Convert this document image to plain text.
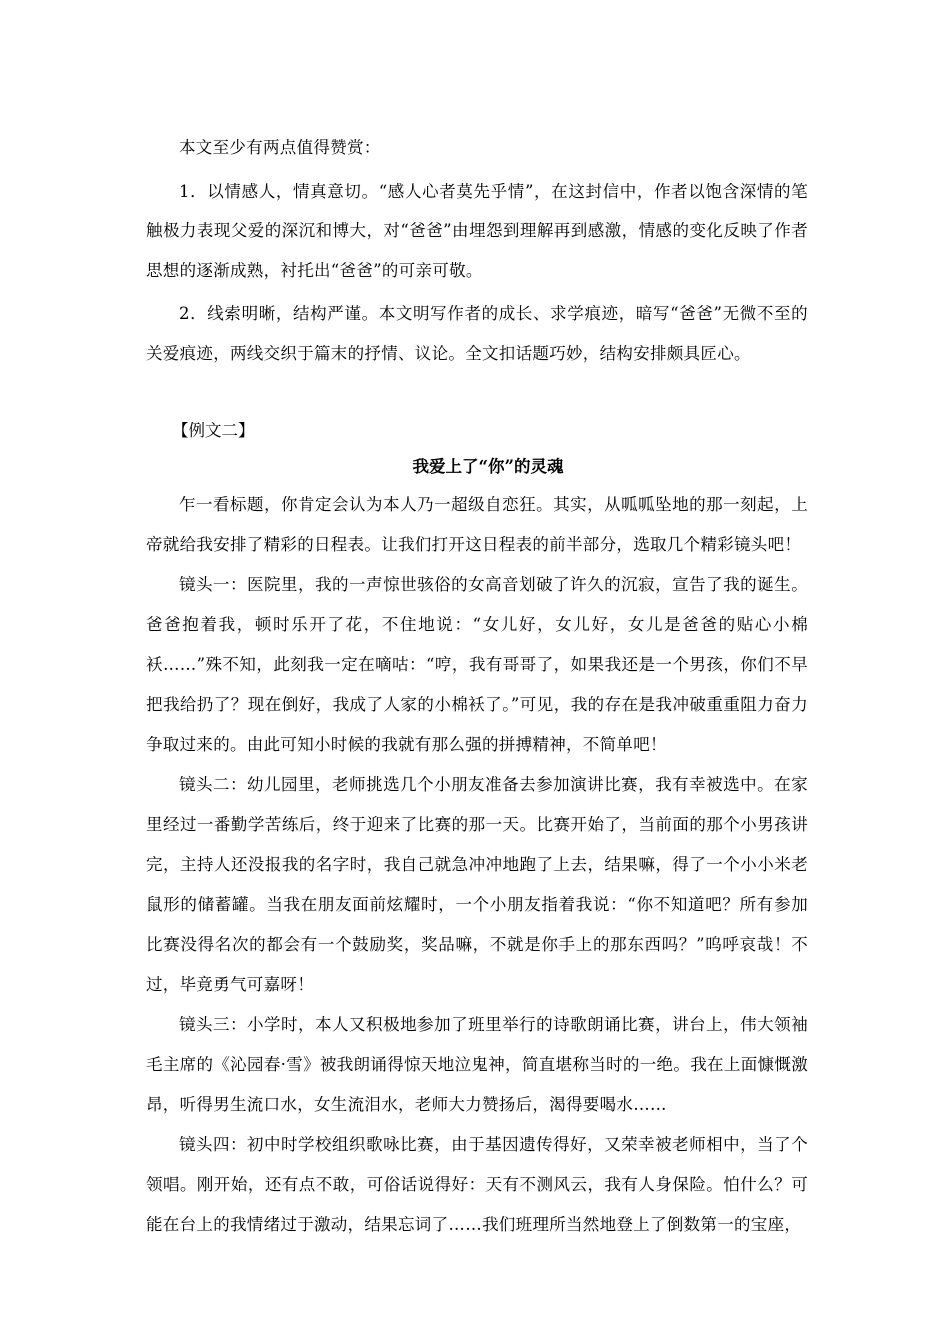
本文至少有两点值得赞赏：

1．以情感人，情真意切。“感人心者莫先乎情”，在这封信中，作者以饱含深情的笔触极力表现父爱的深沉和博大，对“爸爸”由埋怨到理解再到感激，情感的变化反映了作者思想的逐渐成熟，衬托出“爸爸”的可亲可敬。

2．线索明晰，结构严谨。本文明写作者的成长、求学痕迹，暗写“爸爸”无微不至的关爱痕迹，两线交织于篇末的抒情、议论。全文扣话题巧妙，结构安排颇具匠心。

【例文二】

我爱上了“你”的灵魂

乍一看标题，你肯定会认为本人乃一超级自恋狂。其实，从呱呱坠地的那一刻起，上帝就给我安排了精彩的日程表。让我们打开这日程表的前半部分，选取几个精彩镜头吧！

镜头一：医院里，我的一声惊世骇俗的女高音划破了许久的沉寂，宣告了我的诞生。爸爸抱着我，顿时乐开了花，不住地说：“女儿好，女儿好，女儿是爸爸的贴心小棉袄……”殊不知，此刻我一定在嘀咕：“哼，我有哥哥了，如果我还是一个男孩，你们不早把我给扔了？现在倒好，我成了人家的小棉袄了。”可见，我的存在是我冲破重重阻力奋力争取过来的。由此可知小时候的我就有那么强的拼搏精神，不简单吧！

镜头二：幼儿园里，老师挑选几个小朋友准备去参加演讲比赛，我有幸被选中。在家里经过一番勤学苦练后，终于迎来了比赛的那一天。比赛开始了，当前面的那个小男孩讲完，主持人还没报我的名字时，我自己就急冲冲地跑了上去，结果嘛，得了一个小小米老鼠形的储蓄罐。当我在朋友面前炫耀时，一个小朋友指着我说：“你不知道吧？所有参加比赛没得名次的都会有一个鼓励奖，奖品嘛，不就是你手上的那东西吗？”呜呼哀哉！不过，毕竟勇气可嘉呀！

镜头三：小学时，本人又积极地参加了班里举行的诗歌朗诵比赛，讲台上，伟大领袖毛主席的《沁园春·雪》被我朗诵得惊天地泣鬼神，简直堪称当时的一绝。我在上面慷慨激昂，听得男生流口水，女生流泪水，老师大力赞扬后，渴得要喝水……

镜头四：初中时学校组织歌咏比赛，由于基因遗传得好，又荣幸被老师相中，当了个领唱。刚开始，还有点不敢，可俗话说得好：天有不测风云，我有人身保险。怕什么？可能在台上的我情绪过于激动，结果忘词了……我们班理所当然地登上了倒数第一的宝座，
